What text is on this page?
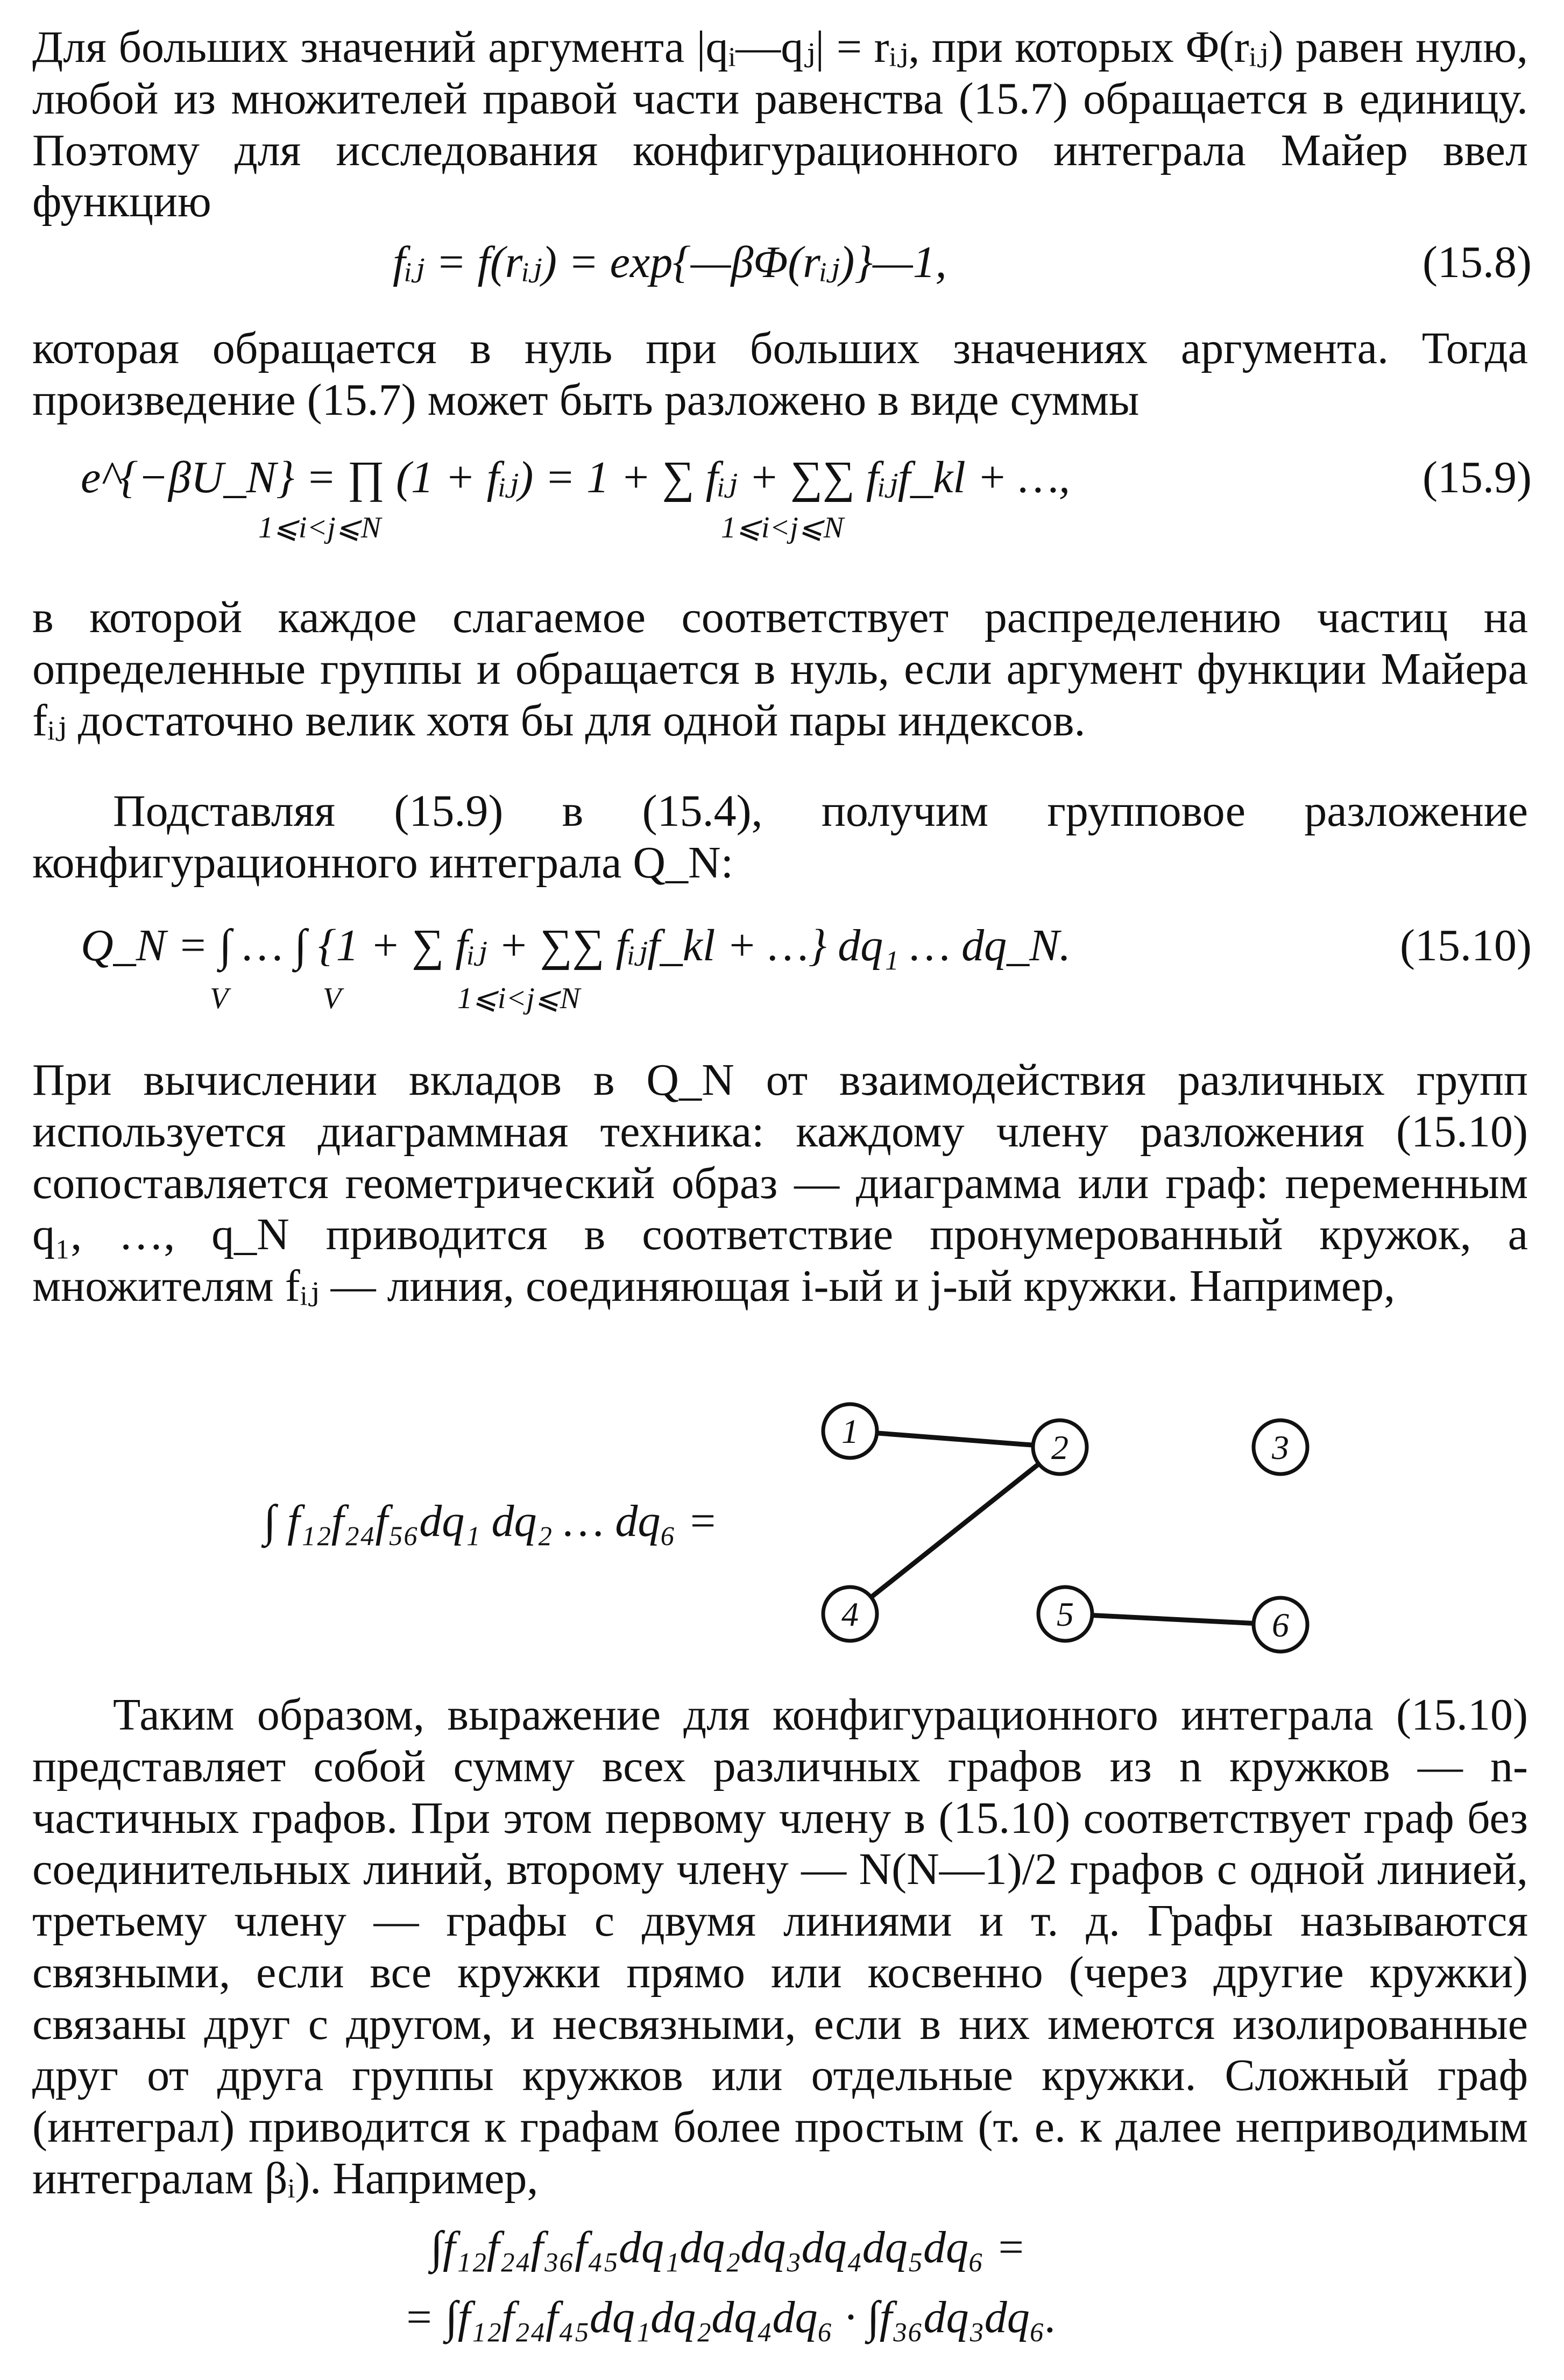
Для больших значений аргумента |qᵢ—qⱼ| = rᵢⱼ, при которых Φ(rᵢⱼ) равен нулю, любой из множителей правой части равенства (15.7) обращается в единицу. Поэтому для исследования конфигурационного интеграла Майер ввел функцию

fᵢⱼ = f(rᵢⱼ) = exp{—βΦ(rᵢⱼ)}—1,	(15.8)

которая обращается в нуль при больших значениях аргумента. Тогда произведение (15.7) может быть разложено в виде суммы

e^{−βU_N} = ∏ (1 + fᵢⱼ) = 1 + ∑ fᵢⱼ + ∑∑ fᵢⱼf_kl + …,
1⩽i<j⩽N	1⩽i<j⩽N
(15.9)

в которой каждое слагаемое соответствует распределению частиц на определенные группы и обращается в нуль, если аргумент функции Майера fᵢⱼ достаточно велик хотя бы для одной пары индексов.

Подставляя (15.9) в (15.4), получим групповое разложение конфигурационного интеграла Q_N:

Q_N = ∫ … ∫ {1 + ∑ fᵢⱼ + ∑∑ fᵢⱼf_kl + …} dq₁ … dq_N.
V	V	1⩽i<j⩽N
(15.10)

При вычислении вкладов в Q_N от взаимодействия различных групп используется диаграммная техника: каждому члену разложения (15.10) сопоставляется геометрический образ — диаграмма или граф: переменным q₁, …, q_N приводится в соответствие пронумерованный кружок, а множителям fᵢⱼ — линия, соединяющая i-ый и j-ый кружки. Например,

∫ f₁₂f₂₄f₅₆dq₁ dq₂ … dq₆ =
1	2	3
4	5	6

Таким образом, выражение для конфигурационного интеграла (15.10) представляет собой сумму всех различных графов из n кружков — n-частичных графов. При этом первому члену в (15.10) соответствует граф без соединительных линий, второму члену — N(N—1)/2 графов с одной линией, третьему члену — графы с двумя линиями и т. д. Графы называются связными, если все кружки прямо или косвенно (через другие кружки) связаны друг с другом, и несвязными, если в них имеются изолированные друг от друга группы кружков или отдельные кружки. Сложный граф (интеграл) приводится к графам более простым (т. е. к далее неприводимым интегралам βᵢ). Например,

∫f₁₂f₂₄f₃₆f₄₅dq₁dq₂dq₃dq₄dq₅dq₆ =
= ∫f₁₂f₂₄f₄₅dq₁dq₂dq₄dq₆ · ∫f₃₆dq₃dq₆.
